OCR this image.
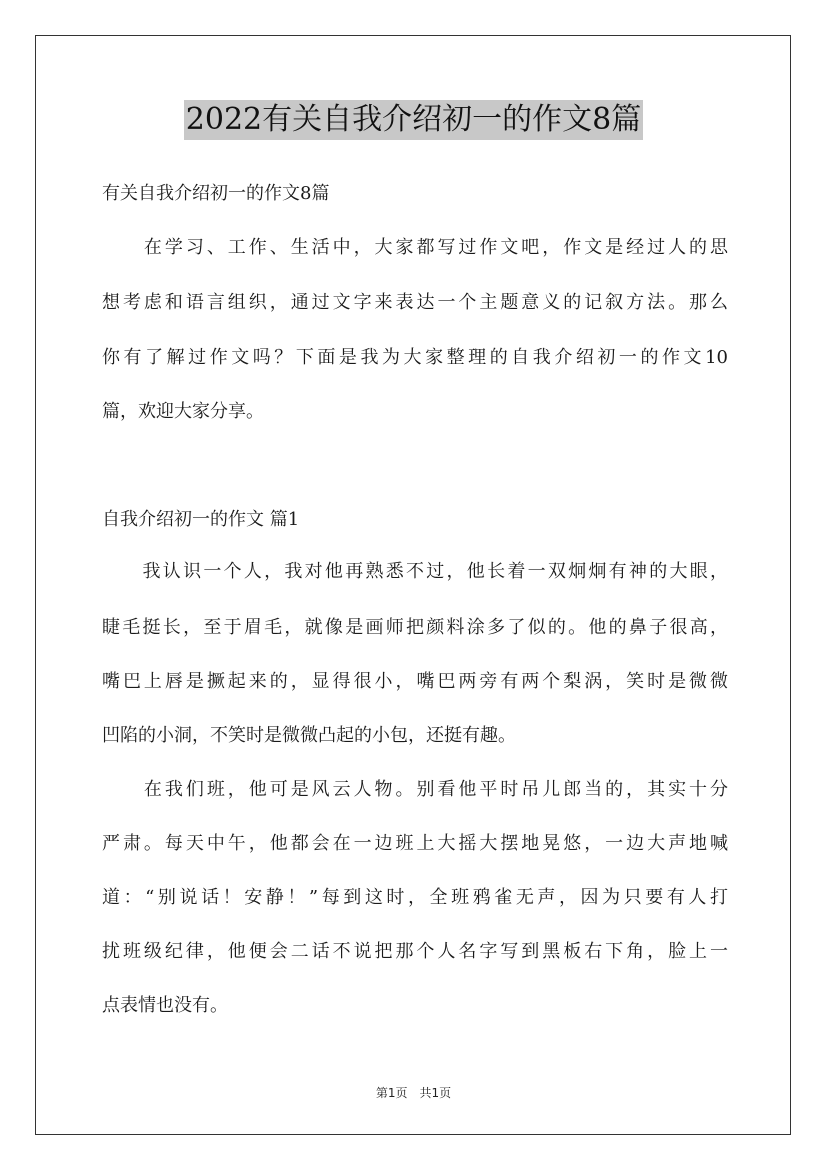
2022有关自我介绍初一的作文8篇
有关自我介绍初一的作文8篇
　　在学习、工作、生活中，大家都写过作文吧，作文是经过人的思
想考虑和语言组织，通过文字来表达一个主题意义的记叙方法。那么
你有了解过作文吗？下面是我为大家整理的自我介绍初一的作文10
篇，欢迎大家分享。
自我介绍初一的作文 篇1
　　我认识一个人，我对他再熟悉不过，他长着一双炯炯有神的大眼，
睫毛挺长，至于眉毛，就像是画师把颜料涂多了似的。他的鼻子很高，
嘴巴上唇是撅起来的，显得很小，嘴巴两旁有两个梨涡，笑时是微微
凹陷的小洞，不笑时是微微凸起的小包，还挺有趣。
　　在我们班，他可是风云人物。别看他平时吊儿郎当的，其实十分
严肃。每天中午，他都会在一边班上大摇大摆地晃悠，一边大声地喊
道：“别说话！安静！”每到这时，全班鸦雀无声，因为只要有人打
扰班级纪律，他便会二话不说把那个人名字写到黑板右下角，脸上一
点表情也没有。
第1页　共1页
